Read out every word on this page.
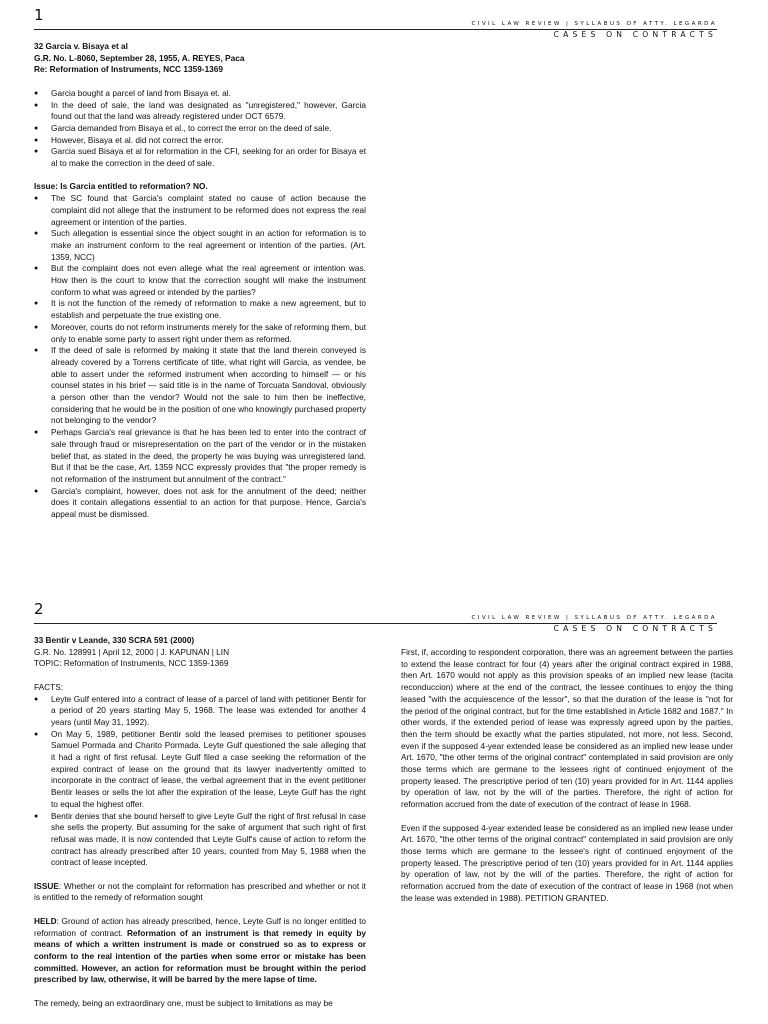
1	CIVIL LAW REVIEW | SYLLABUS OF ATTY. LEGARDA
CASES ON CONTRACTS

32 Garcia v. Bisaya et al

G.R. No. L-8060, September 28, 1955, A. REYES, Paca

Re: Reformation of Instruments, NCC 1359-1369

● Garcia bought a parcel of land from Bisaya et. al.
● In the deed of sale, the land was designated as "unregistered," however, Garcia found out that the land was already registered under OCT 6579.
● Garcia demanded from Bisaya et al., to correct the error on the deed of sale.
● However, Bisaya et al. did not correct the error.
● Garcia sued Bisaya et al for reformation in the CFI, seeking for an order for Bisaya et al to make the correction in the deed of sale.

Issue: Is Garcia entitled to reformation? NO.

● The SC found that Garcia's complaint stated no cause of action because the complaint did not allege that the instrument to be reformed does not express the real agreement or intention of the parties.
● Such allegation is essential since the object sought in an action for reformation is to make an instrument conform to the real agreement or intention of the parties. (Art. 1359, NCC)
● But the complaint does not even allege what the real agreement or intention was. How then is the court to know that the correction sought will make the instrument conform to what was agreed or intended by the parties?
● It is not the function of the remedy of reformation to make a new agreement, but to establish and perpetuate the true existing one.
● Moreover, courts do not reform instruments merely for the sake of reforming them, but only to enable some party to assert right under them as reformed.
● If the deed of sale is reformed by making it state that the land therein conveyed is already covered by a Torrens certificate of title, what right will Garcia, as vendee, be able to assert under the reformed instrument when according to himself — or his counsel states in his brief — said title is in the name of Torcuata Sandoval, obviously a person other than the vendor? Would not the sale to him then be ineffective, considering that he would be in the position of one who knowingly purchased property not belonging to the vendor?
● Perhaps Garcia's real grievance is that he has been led to enter into the contract of sale through fraud or misrepresentation on the part of the vendor or in the mistaken belief that, as stated in the deed, the property he was buying was unregistered land. But if that be the case, Art. 1359 NCC expressly provides that "the proper remedy is not reformation of the instrument but annulment of the contract."
● Garcia's complaint, however, does not ask for the annulment of the deed; neither does it contain allegations essential to an action for that purpose. Hence, Garcia's appeal must be dismissed.
2	CIVIL LAW REVIEW | SYLLABUS OF ATTY. LEGARDA
CASES ON CONTRACTS

33 Bentir v Leande, 330 SCRA 591 (2000)

G.R. No. 128991 | April 12, 2000 | J. KAPUNAN | LIN

TOPIC: Reformation of Instruments, NCC 1359-1369

FACTS:

● Leyte Gulf entered into a contract of lease of a parcel of land with petitioner Bentir for a period of 20 years starting May 5, 1968. The lease was extended for another 4 years (until May 31, 1992).
● On May 5, 1989, petitioner Bentir sold the leased premises to petitioner spouses Samuel Pormada and Charito Pormada. Leyte Gulf questioned the sale alleging that it had a right of first refusal. Leyte Gulf filed a case seeking the reformation of the expired contract of lease on the ground that its lawyer inadvertently omitted to incorporate in the contract of lease, the verbal agreement that in the event petitioner Bentir leases or sells the lot after the expiration of the lease, Leyte Gulf has the right to equal the highest offer.
● Bentir denies that she bound herself to give Leyte Gulf the right of first refusal in case she sells the property. But assuming for the sake of argument that such right of first refusal was made, it is now contended that Leyte Gulf's cause of action to reform the contract has already prescribed after 10 years, counted from May 5, 1988 when the contract of lease incepted.

ISSUE: Whether or not the complaint for reformation has prescribed and whether or not it is entitled to the remedy of reformation sought

HELD: Ground of action has already prescribed, hence, Leyte Gulf is no longer entitled to reformation of contract. Reformation of an instrument is that remedy in equity by means of which a written instrument is made or construed so as to express or conform to the real intention of the parties when some error or mistake has been committed. However, an action for reformation must be brought within the period prescribed by law, otherwise, it will be barred by the mere lapse of time.

The remedy, being an extraordinary one, must be subject to limitations as may be

First, if, according to respondent corporation, there was an agreement between the parties to extend the lease contract for four (4) years after the original contract expired in 1988, then Art. 1670 would not apply as this provision speaks of an implied new lease (tacita reconduccion) where at the end of the contract, the lessee continues to enjoy the thing leased "with the acquiescence of the lessor", so that the duration of the lease is "not for the period of the original contract, but for the time established in Article 1682 and 1687." In other words, if the extended period of lease was expressly agreed upon by the parties, then the term should be exactly what the parties stipulated, not more, not less. Second, even if the supposed 4-year extended lease be considered as an implied new lease under Art. 1670, "the other terms of the original contract" contemplated in said provision are only those terms which are germane to the lessees right of continued enjoyment of the property leased. The prescriptive period of ten (10) years provided for in Art. 1144 applies by operation of law, not by the will of the parties. Therefore, the right of action for reformation accrued from the date of execution of the contract of lease in 1968.

Even if the supposed 4-year extended lease be considered as an implied new lease under Art. 1670, "the other terms of the original contract" contemplated in said provision are only those terms which are germane to the lessee's right of continued enjoyment of the property leased. The prescriptive period of ten (10) years provided for in Art. 1144 applies by operation of law, not by the will of the parties. Therefore, the right of action for reformation accrued from the date of execution of the contract of lease in 1968 (not when the lease was extended in 1988). PETITION GRANTED.
